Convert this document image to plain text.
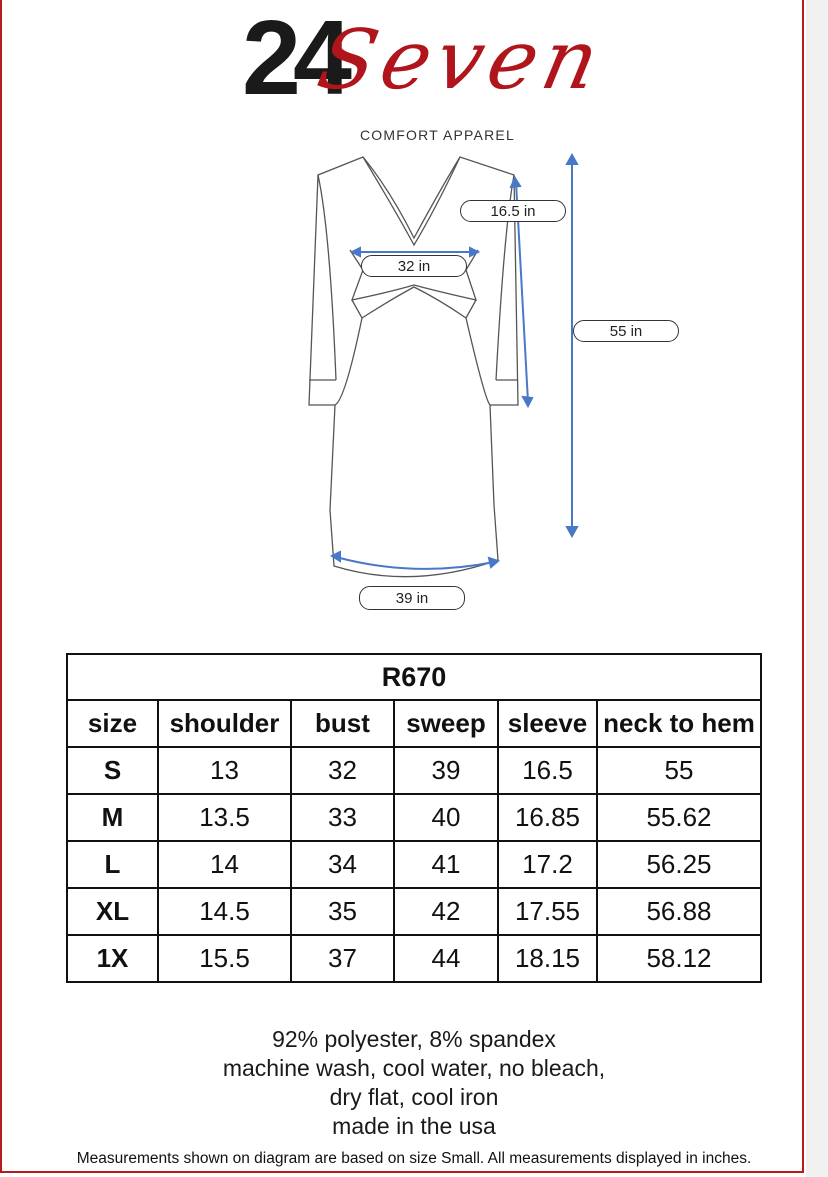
24
Seven
COMFORT APPAREL
16.5 in
32 in
55 in
39 in
R670					
size	shoulder	bust	sweep	sleeve	neck to hem
S	13	32	39	16.5	55
M	13.5	33	40	16.85	55.62
L	14	34	41	17.2	56.25
XL	14.5	35	42	17.55	56.88
1X	15.5	37	44	18.15	58.12
92% polyester, 8% spandex
machine wash, cool water, no bleach,
dry flat, cool iron
made in the usa
Measurements shown on diagram are based on size Small. All measurements displayed in inches.
